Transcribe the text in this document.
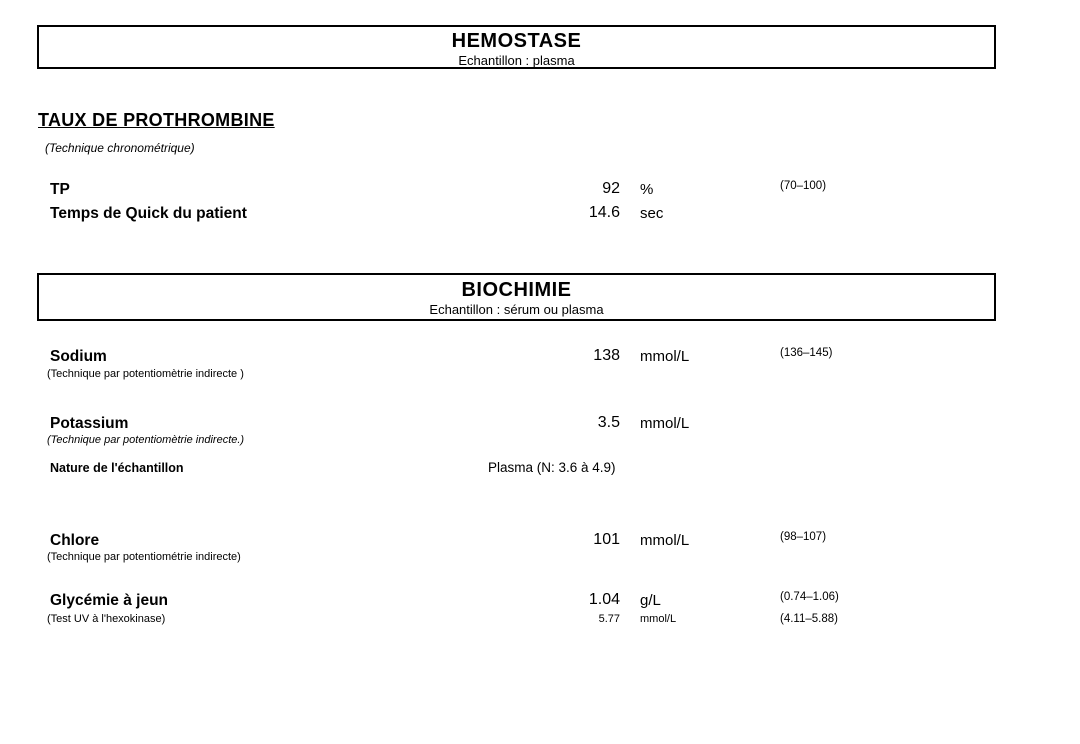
HEMOSTASE
Echantillon : plasma
TAUX DE PROTHROMBINE
(Technique chronométrique)
TP	92 %	(70–100)
Temps de Quick du patient	14.6 sec
BIOCHIMIE
Echantillon : sérum ou plasma
Sodium
(Technique par potentiomètrie indirecte )
138 mmol/L	(136–145)
Potassium
(Technique par potentiomètrie indirecte.)
3.5 mmol/L
Nature de l'échantillon	Plasma (N: 3.6 à 4.9)
Chlore
(Technique par potentiométrie indirecte)
101 mmol/L	(98–107)
Glycémie à jeun
(Test UV à l'hexokinase)
1.04 g/L	(0.74–1.06)
5.77 mmol/L	(4.11–5.88)
